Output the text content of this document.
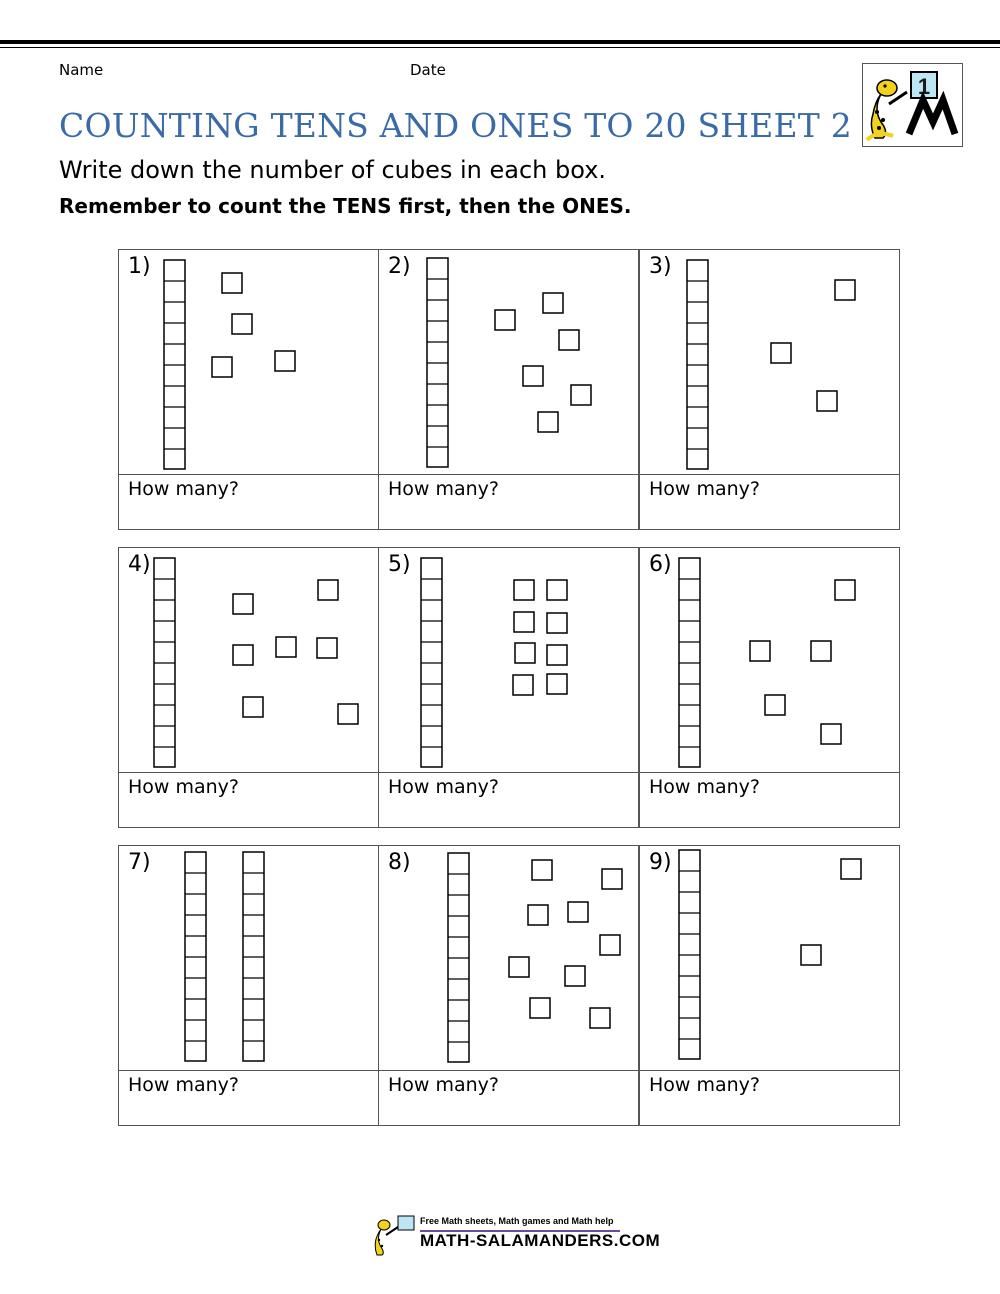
Name	Date
COUNTING TENS AND ONES TO 20 SHEET 2
Write down the number of cubes in each box.
Remember to count the TENS first, then the ONES.
1
1)
How many?
2)
How many?
3)
How many?
4)
How many?
5)
How many?
6)
How many?
7)
How many?
8)
How many?
9)
How many?
Free Math sheets, Math games and Math help
MATH-SALAMANDERS.COM
